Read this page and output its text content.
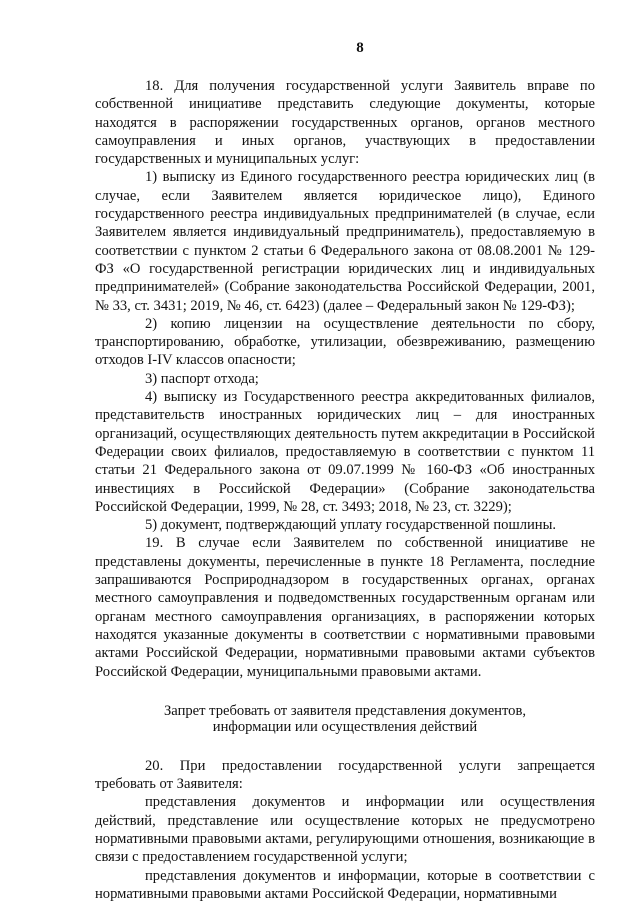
8

18. Для получения государственной услуги Заявитель вправе по собственной инициативе представить следующие документы, которые находятся в распоряжении государственных органов, органов местного самоуправления и иных органов, участвующих в предоставлении государственных и муниципальных услуг:

1) выписку из Единого государственного реестра юридических лиц (в случае, если Заявителем является юридическое лицо), Единого государственного реестра индивидуальных предпринимателей (в случае, если Заявителем является индивидуальный предприниматель), предоставляемую в соответствии с пунктом 2 статьи 6 Федерального закона от 08.08.2001 № 129-ФЗ «О государственной регистрации юридических лиц и индивидуальных предпринимателей» (Собрание законодательства Российской Федерации, 2001, № 33, ст. 3431; 2019, № 46, ст. 6423) (далее – Федеральный закон № 129-ФЗ);

2) копию лицензии на осуществление деятельности по сбору, транспортированию, обработке, утилизации, обезвреживанию, размещению отходов I-IV классов опасности;

3) паспорт отхода;

4) выписку из Государственного реестра аккредитованных филиалов, представительств иностранных юридических лиц – для иностранных организаций, осуществляющих деятельность путем аккредитации в Российской Федерации своих филиалов, предоставляемую в соответствии с пунктом 11 статьи 21 Федерального закона от 09.07.1999 № 160-ФЗ «Об иностранных инвестициях в Российской Федерации» (Собрание законодательства Российской Федерации, 1999, № 28, ст. 3493; 2018, № 23, ст. 3229);

5) документ, подтверждающий уплату государственной пошлины.

19. В случае если Заявителем по собственной инициативе не представлены документы, перечисленные в пункте 18 Регламента, последние запрашиваются Росприроднадзором в государственных органах, органах местного самоуправления и подведомственных государственным органам или органам местного самоуправления организациях, в распоряжении которых находятся указанные документы в соответствии с нормативными правовыми актами Российской Федерации, нормативными правовыми актами субъектов Российской Федерации, муниципальными правовыми актами.

Запрет требовать от заявителя представления документов,
информации или осуществления действий

20. При предоставлении государственной услуги запрещается требовать от Заявителя:

представления документов и информации или осуществления действий, представление или осуществление которых не предусмотрено нормативными правовыми актами, регулирующими отношения, возникающие в связи с предоставлением государственной услуги;

представления документов и информации, которые в соответствии с нормативными правовыми актами Российской Федерации, нормативными
